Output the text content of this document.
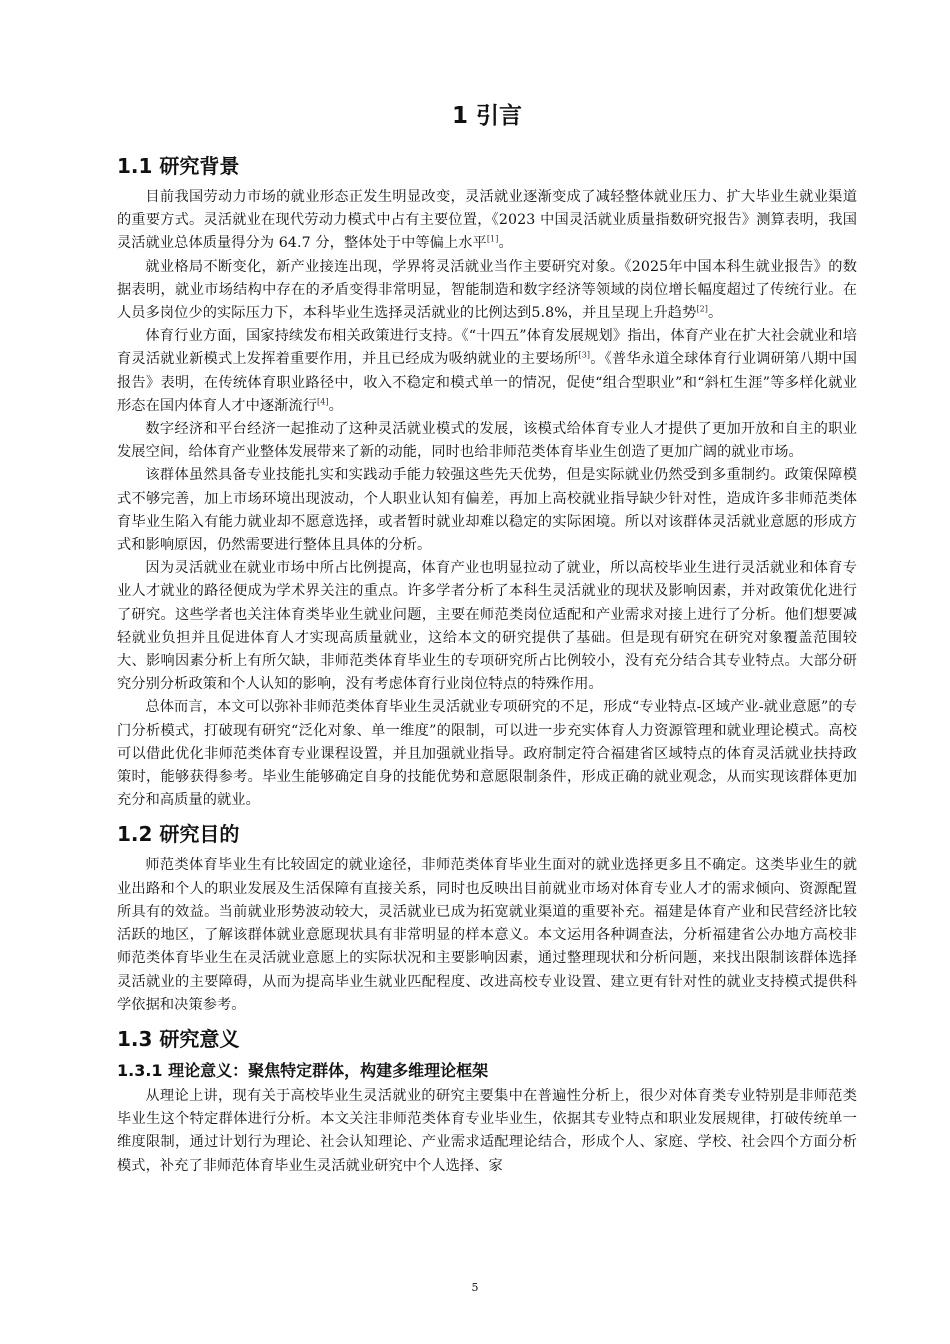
1 引言
1.1 研究背景

目前我国劳动力市场的就业形态正发生明显改变，灵活就业逐渐变成了减轻整体就业压力、扩大毕业生就业渠道的重要方式。灵活就业在现代劳动力模式中占有主要位置，《2023 中国灵活就业质量指数研究报告》测算表明，我国灵活就业总体质量得分为 64.7 分，整体处于中等偏上水平[1]。

就业格局不断变化，新产业接连出现，学界将灵活就业当作主要研究对象。《2025年中国本科生就业报告》的数据表明，就业市场结构中存在的矛盾变得非常明显，智能制造和数字经济等领域的岗位增长幅度超过了传统行业。在人员多岗位少的实际压力下，本科毕业生选择灵活就业的比例达到5.8%，并且呈现上升趋势[2]。

体育行业方面，国家持续发布相关政策进行支持。《“十四五”体育发展规划》指出，体育产业在扩大社会就业和培育灵活就业新模式上发挥着重要作用，并且已经成为吸纳就业的主要场所[3]。《普华永道全球体育行业调研第八期中国报告》表明，在传统体育职业路径中，收入不稳定和模式单一的情况，促使“组合型职业”和“斜杠生涯”等多样化就业形态在国内体育人才中逐渐流行[4]。

数字经济和平台经济一起推动了这种灵活就业模式的发展，该模式给体育专业人才提供了更加开放和自主的职业发展空间，给体育产业整体发展带来了新的动能，同时也给非师范类体育毕业生创造了更加广阔的就业市场。

该群体虽然具备专业技能扎实和实践动手能力较强这些先天优势，但是实际就业仍然受到多重制约。政策保障模式不够完善，加上市场环境出现波动，个人职业认知有偏差，再加上高校就业指导缺少针对性，造成许多非师范类体育毕业生陷入有能力就业却不愿意选择，或者暂时就业却难以稳定的实际困境。所以对该群体灵活就业意愿的形成方式和影响原因，仍然需要进行整体且具体的分析。

因为灵活就业在就业市场中所占比例提高，体育产业也明显拉动了就业，所以高校毕业生进行灵活就业和体育专业人才就业的路径便成为学术界关注的重点。许多学者分析了本科生灵活就业的现状及影响因素，并对政策优化进行了研究。这些学者也关注体育类毕业生就业问题，主要在师范类岗位适配和产业需求对接上进行了分析。他们想要减轻就业负担并且促进体育人才实现高质量就业，这给本文的研究提供了基础。但是现有研究在研究对象覆盖范围较大、影响因素分析上有所欠缺，非师范类体育毕业生的专项研究所占比例较小，没有充分结合其专业特点。大部分研究分别分析政策和个人认知的影响，没有考虑体育行业岗位特点的特殊作用。

总体而言，本文可以弥补非师范类体育毕业生灵活就业专项研究的不足，形成“专业特点-区域产业-就业意愿”的专门分析模式，打破现有研究“泛化对象、单一维度”的限制，可以进一步充实体育人力资源管理和就业理论模式。高校可以借此优化非师范类体育专业课程设置，并且加强就业指导。政府制定符合福建省区域特点的体育灵活就业扶持政策时，能够获得参考。毕业生能够确定自身的技能优势和意愿限制条件，形成正确的就业观念，从而实现该群体更加充分和高质量的就业。

1.2 研究目的

师范类体育毕业生有比较固定的就业途径，非师范类体育毕业生面对的就业选择更多且不确定。这类毕业生的就业出路和个人的职业发展及生活保障有直接关系，同时也反映出目前就业市场对体育专业人才的需求倾向、资源配置所具有的效益。当前就业形势波动较大，灵活就业已成为拓宽就业渠道的重要补充。福建是体育产业和民营经济比较活跃的地区，了解该群体就业意愿现状具有非常明显的样本意义。本文运用各种调查法，分析福建省公办地方高校非师范类体育毕业生在灵活就业意愿上的实际状况和主要影响因素，通过整理现状和分析问题，来找出限制该群体选择灵活就业的主要障碍，从而为提高毕业生就业匹配程度、改进高校专业设置、建立更有针对性的就业支持模式提供科学依据和决策参考。

1.3 研究意义
1.3.1 理论意义：聚焦特定群体，构建多维理论框架

从理论上讲，现有关于高校毕业生灵活就业的研究主要集中在普遍性分析上，很少对体育类专业特别是非师范类毕业生这个特定群体进行分析。本文关注非师范类体育专业毕业生，依据其专业特点和职业发展规律，打破传统单一维度限制，通过计划行为理论、社会认知理论、产业需求适配理论结合，形成个人、家庭、学校、社会四个方面分析模式，补充了非师范体育毕业生灵活就业研究中个人选择、家

5
